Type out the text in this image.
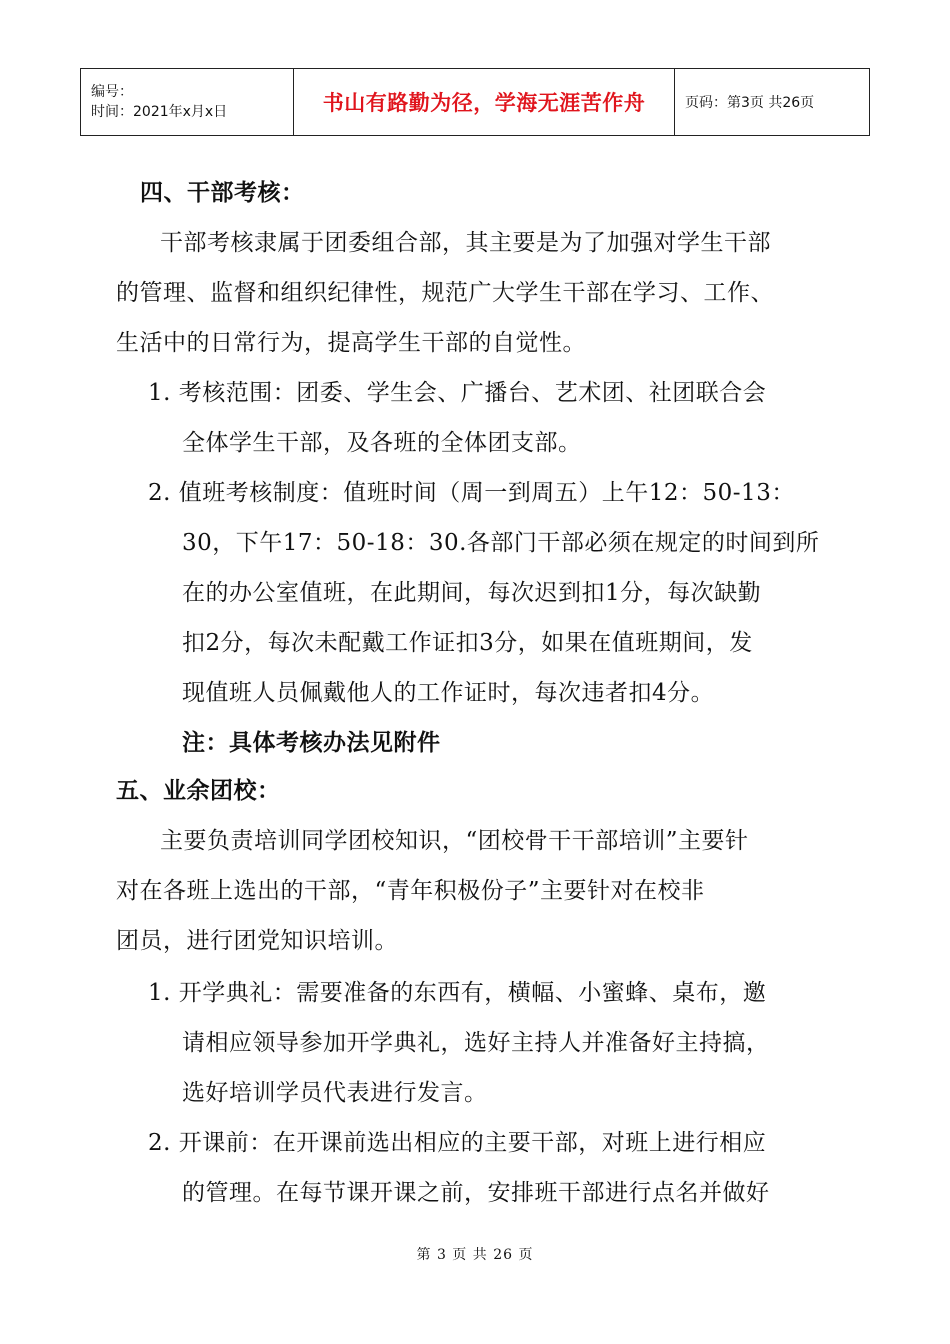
编号：
时间：2021年x月x日	书山有路勤为径，学海无涯苦作舟	页码：第3页 共26页
四、干部考核：
干部考核隶属于团委组合部，其主要是为了加强对学生干部
的管理、监督和组织纪律性，规范广大学生干部在学习、工作、
生活中的日常行为，提高学生干部的自觉性。
1. 考核范围：团委、学生会、广播台、艺术团、社团联合会
全体学生干部，及各班的全体团支部。
2. 值班考核制度：值班时间（周一到周五）上午12：50-13：
30，下午17：50-18：30.各部门干部必须在规定的时间到所
在的办公室值班，在此期间，每次迟到扣1分，每次缺勤
扣2分，每次未配戴工作证扣3分，如果在值班期间，发
现值班人员佩戴他人的工作证时，每次违者扣4分。
注：具体考核办法见附件
五、业余团校：
主要负责培训同学团校知识，“团校骨干干部培训”主要针
对在各班上选出的干部，“青年积极份子”主要针对在校非
团员，进行团党知识培训。
1. 开学典礼：需要准备的东西有，横幅、小蜜蜂、桌布，邀
请相应领导参加开学典礼，选好主持人并准备好主持搞，
选好培训学员代表进行发言。
2. 开课前：在开课前选出相应的主要干部，对班上进行相应
的管理。在每节课开课之前，安排班干部进行点名并做好
第 3 页 共 26 页
